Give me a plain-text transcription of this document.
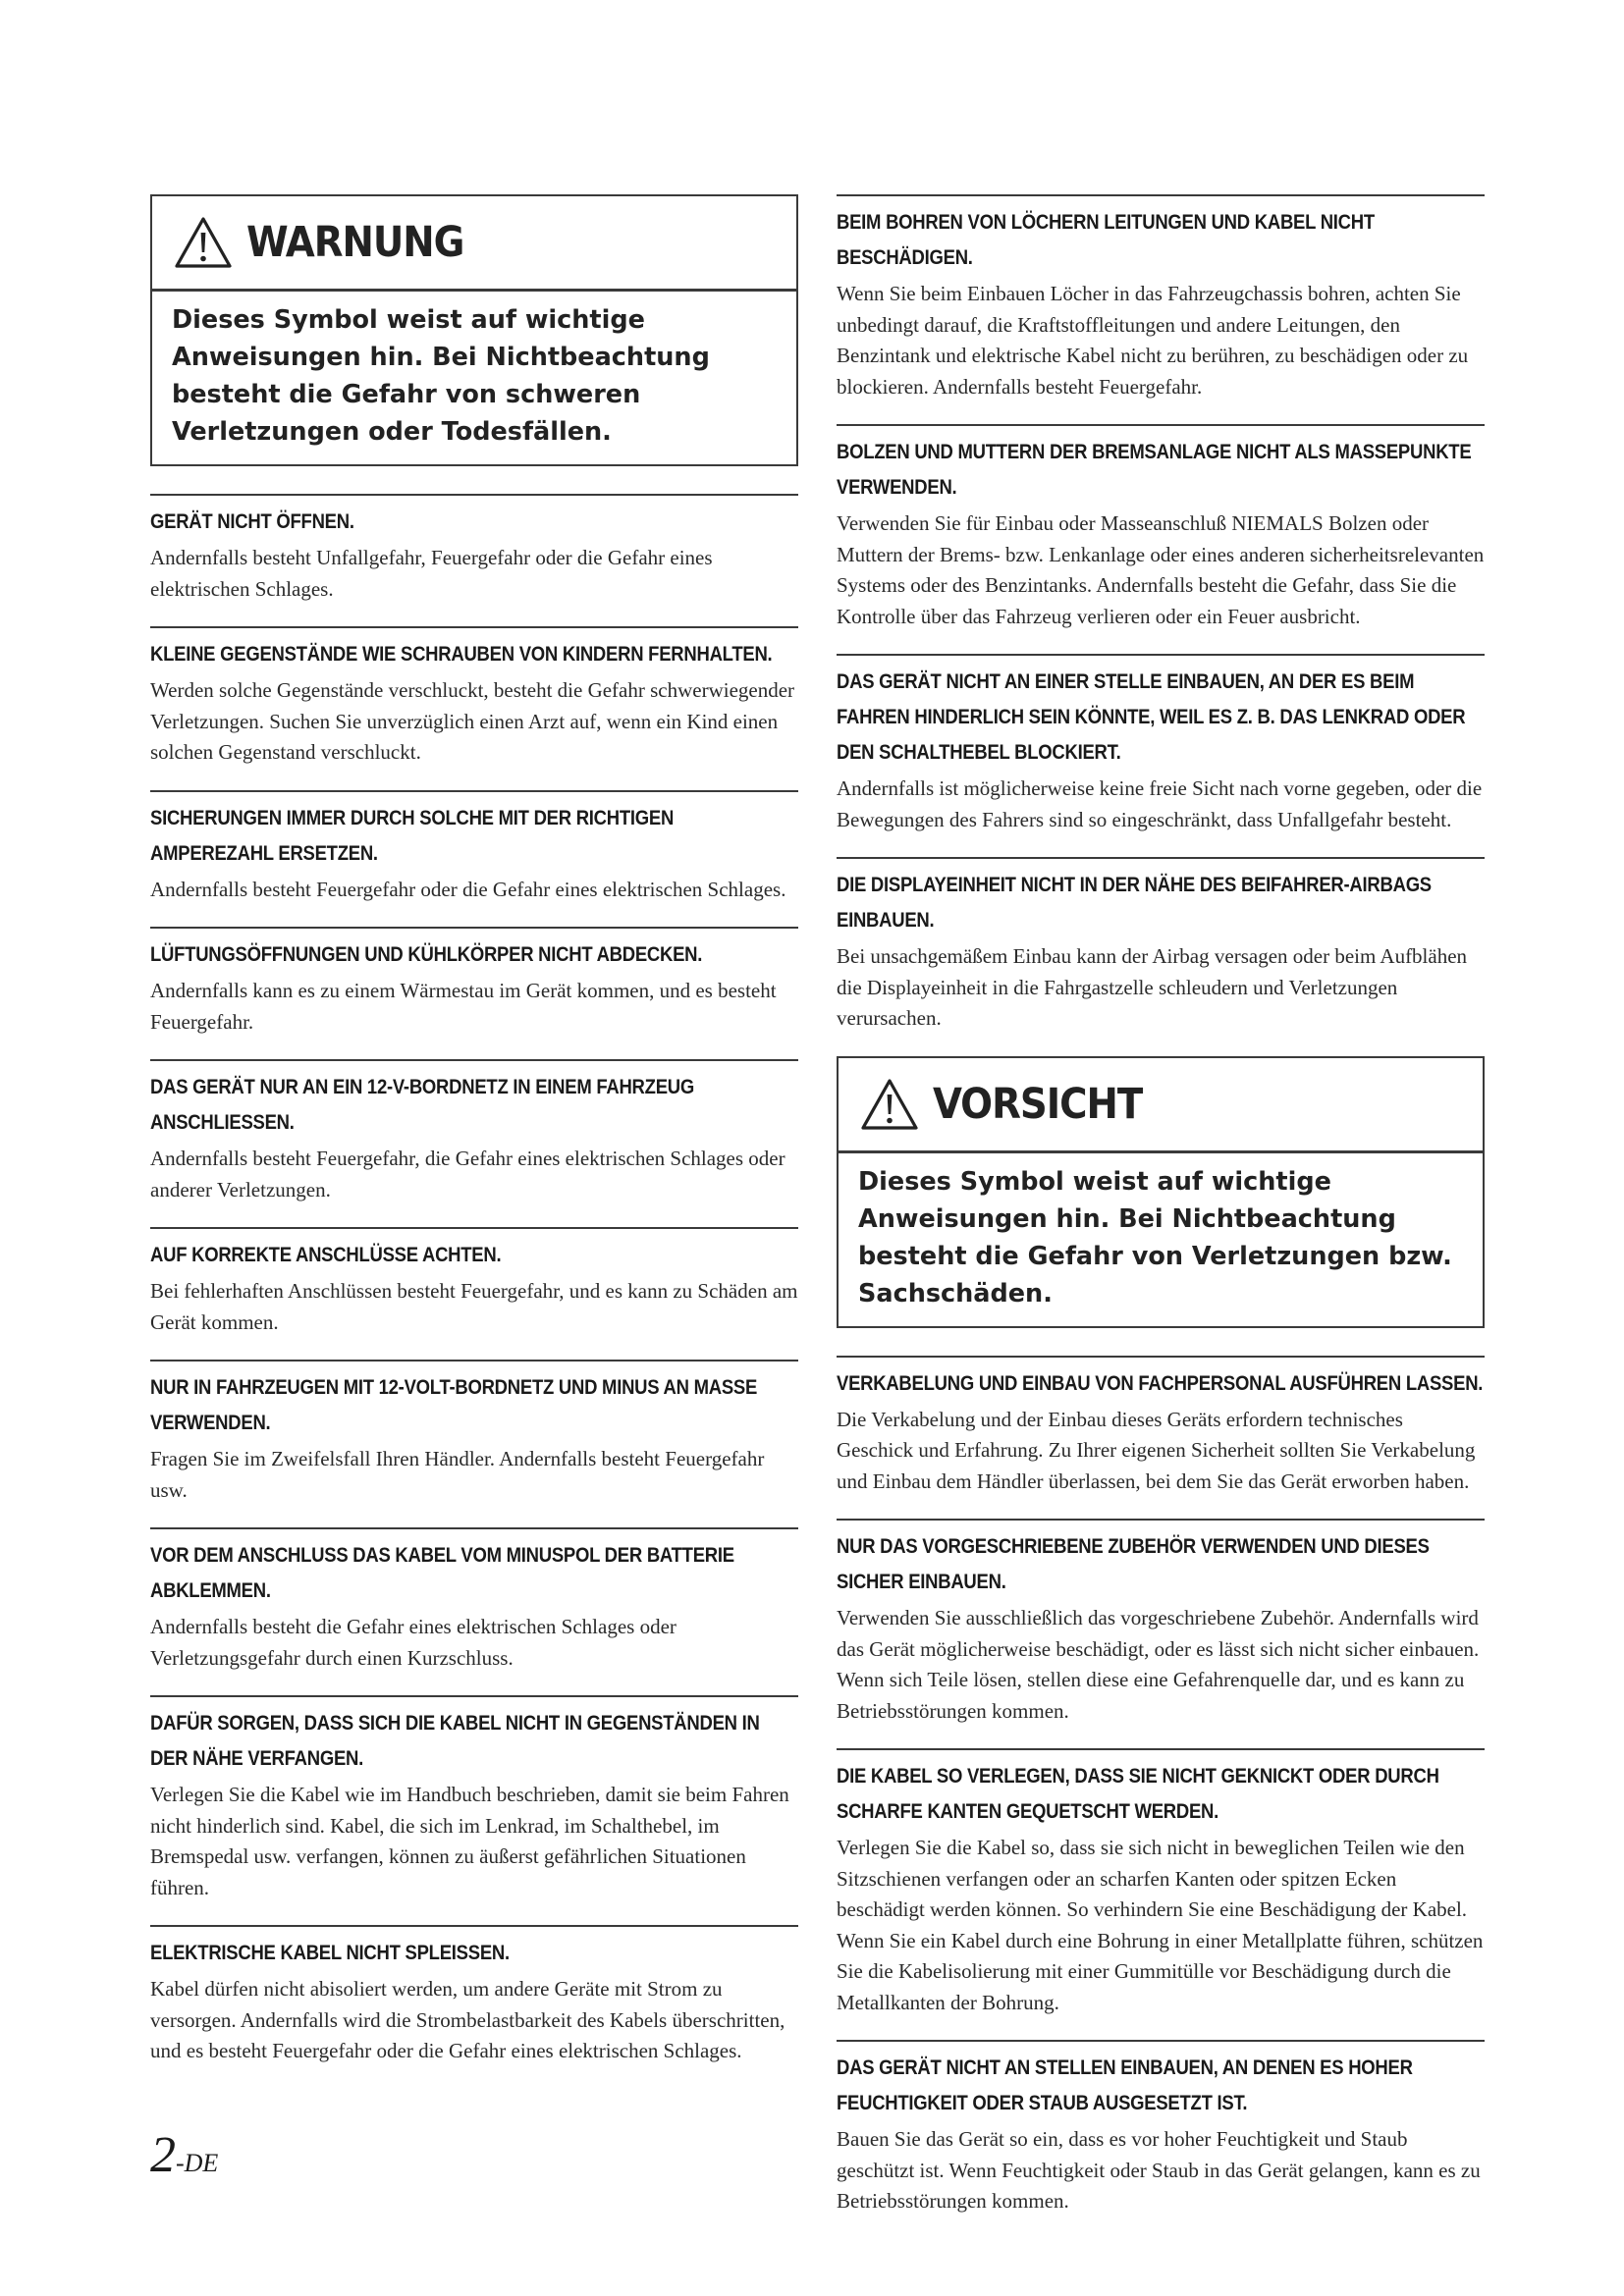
WARNUNG
Dieses Symbol weist auf wichtige Anweisungen hin. Bei Nichtbeachtung besteht die Gefahr von schweren Verletzungen oder Todesfällen.
GERÄT NICHT ÖFFNEN.

Andernfalls besteht Unfallgefahr, Feuergefahr oder die Gefahr eines elektrischen Schlages.

KLEINE GEGENSTÄNDE WIE SCHRAUBEN VON KINDERN FERNHALTEN.

Werden solche Gegenstände verschluckt, besteht die Gefahr schwerwiegender Verletzungen. Suchen Sie unverzüglich einen Arzt auf, wenn ein Kind einen solchen Gegenstand verschluckt.

SICHERUNGEN IMMER DURCH SOLCHE MIT DER RICHTIGEN AMPEREZAHL ERSETZEN.

Andernfalls besteht Feuergefahr oder die Gefahr eines elektrischen Schlages.

LÜFTUNGSÖFFNUNGEN UND KÜHLKÖRPER NICHT ABDECKEN.

Andernfalls kann es zu einem Wärmestau im Gerät kommen, und es besteht Feuergefahr.

DAS GERÄT NUR AN EIN 12-V-BORDNETZ IN EINEM FAHRZEUG ANSCHLIESSEN.

Andernfalls besteht Feuergefahr, die Gefahr eines elektrischen Schlages oder anderer Verletzungen.

AUF KORREKTE ANSCHLÜSSE ACHTEN.

Bei fehlerhaften Anschlüssen besteht Feuergefahr, und es kann zu Schäden am Gerät kommen.

NUR IN FAHRZEUGEN MIT 12-VOLT-BORDNETZ UND MINUS AN MASSE VERWENDEN.

Fragen Sie im Zweifelsfall Ihren Händler. Andernfalls besteht Feuergefahr usw.

VOR DEM ANSCHLUSS DAS KABEL VOM MINUSPOL DER BATTERIE ABKLEMMEN.

Andernfalls besteht die Gefahr eines elektrischen Schlages oder Verletzungsgefahr durch einen Kurzschluss.

DAFÜR SORGEN, DASS SICH DIE KABEL NICHT IN GEGENSTÄNDEN IN DER NÄHE VERFANGEN.

Verlegen Sie die Kabel wie im Handbuch beschrieben, damit sie beim Fahren nicht hinderlich sind. Kabel, die sich im Lenkrad, im Schalthebel, im Bremspedal usw. verfangen, können zu äußerst gefährlichen Situationen führen.

ELEKTRISCHE KABEL NICHT SPLEISSEN.

Kabel dürfen nicht abisoliert werden, um andere Geräte mit Strom zu versorgen. Andernfalls wird die Strombelastbarkeit des Kabels überschritten, und es besteht Feuergefahr oder die Gefahr eines elektrischen Schlages.

BEIM BOHREN VON LÖCHERN LEITUNGEN UND KABEL NICHT BESCHÄDIGEN.

Wenn Sie beim Einbauen Löcher in das Fahrzeugchassis bohren, achten Sie unbedingt darauf, die Kraftstoffleitungen und andere Leitungen, den Benzintank und elektrische Kabel nicht zu berühren, zu beschädigen oder zu blockieren. Andernfalls besteht Feuergefahr.

BOLZEN UND MUTTERN DER BREMSANLAGE NICHT ALS MASSEPUNKTE VERWENDEN.

Verwenden Sie für Einbau oder Masseanschluß NIEMALS Bolzen oder Muttern der Brems- bzw. Lenkanlage oder eines anderen sicherheitsrelevanten Systems oder des Benzintanks. Andernfalls besteht die Gefahr, dass Sie die Kontrolle über das Fahrzeug verlieren oder ein Feuer ausbricht.

DAS GERÄT NICHT AN EINER STELLE EINBAUEN, AN DER ES BEIM FAHREN HINDERLICH SEIN KÖNNTE, WEIL ES Z. B. DAS LENKRAD ODER DEN SCHALTHEBEL BLOCKIERT.

Andernfalls ist möglicherweise keine freie Sicht nach vorne gegeben, oder die Bewegungen des Fahrers sind so eingeschränkt, dass Unfallgefahr besteht.

DIE DISPLAYEINHEIT NICHT IN DER NÄHE DES BEIFAHRER-AIRBAGS EINBAUEN.

Bei unsachgemäßem Einbau kann der Airbag versagen oder beim Aufblähen die Displayeinheit in die Fahrgastzelle schleudern und Verletzungen verursachen.

VORSICHT
Dieses Symbol weist auf wichtige Anweisungen hin. Bei Nichtbeachtung besteht die Gefahr von Verletzungen bzw. Sachschäden.
VERKABELUNG UND EINBAU VON FACHPERSONAL AUSFÜHREN LASSEN.

Die Verkabelung und der Einbau dieses Geräts erfordern technisches Geschick und Erfahrung. Zu Ihrer eigenen Sicherheit sollten Sie Verkabelung und Einbau dem Händler überlassen, bei dem Sie das Gerät erworben haben.

NUR DAS VORGESCHRIEBENE ZUBEHÖR VERWENDEN UND DIESES SICHER EINBAUEN.

Verwenden Sie ausschließlich das vorgeschriebene Zubehör. Andernfalls wird das Gerät möglicherweise beschädigt, oder es lässt sich nicht sicher einbauen. Wenn sich Teile lösen, stellen diese eine Gefahrenquelle dar, und es kann zu Betriebsstörungen kommen.

DIE KABEL SO VERLEGEN, DASS SIE NICHT GEKNICKT ODER DURCH SCHARFE KANTEN GEQUETSCHT WERDEN.

Verlegen Sie die Kabel so, dass sie sich nicht in beweglichen Teilen wie den Sitzschienen verfangen oder an scharfen Kanten oder spitzen Ecken beschädigt werden können. So verhindern Sie eine Beschädigung der Kabel. Wenn Sie ein Kabel durch eine Bohrung in einer Metallplatte führen, schützen Sie die Kabelisolierung mit einer Gummitülle vor Beschädigung durch die Metallkanten der Bohrung.

DAS GERÄT NICHT AN STELLEN EINBAUEN, AN DENEN ES HOHER FEUCHTIGKEIT ODER STAUB AUSGESETZT IST.

Bauen Sie das Gerät so ein, dass es vor hoher Feuchtigkeit und Staub geschützt ist. Wenn Feuchtigkeit oder Staub in das Gerät gelangen, kann es zu Betriebsstörungen kommen.

2-DE
